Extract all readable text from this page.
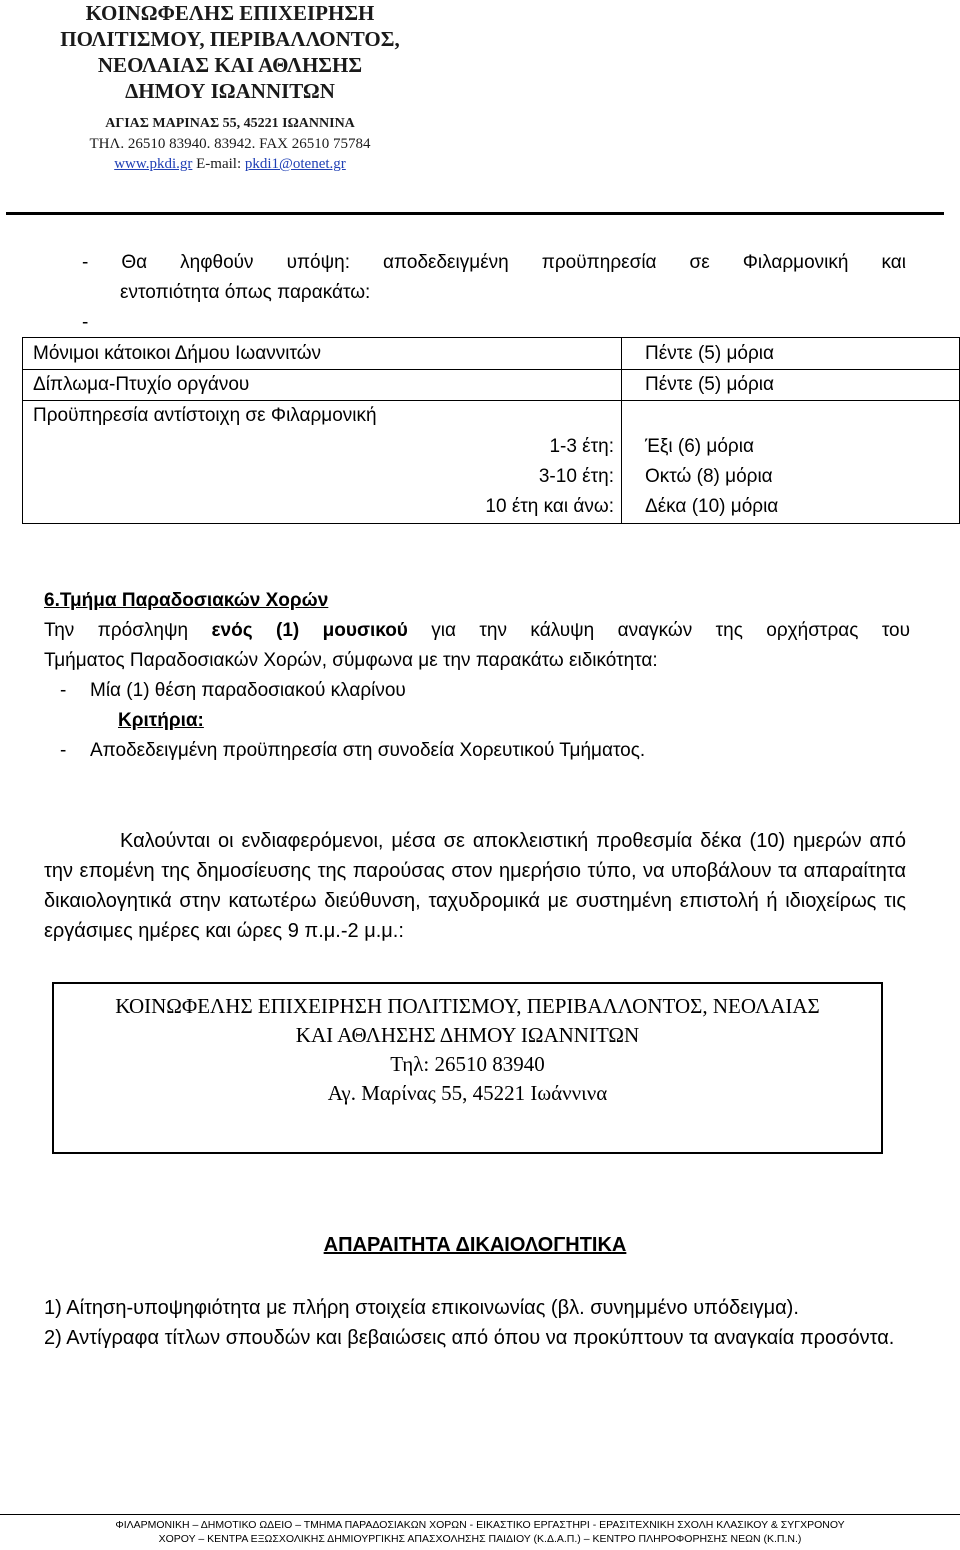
ΚΟΙΝΩΦΕΛΗΣ ΕΠΙΧΕΙΡΗΣΗ
ΠΟΛΙΤΙΣΜΟΥ, ΠΕΡΙΒΑΛΛΟΝΤΟΣ,
ΝΕΟΛΑΙΑΣ ΚΑΙ ΑΘΛΗΣΗΣ
ΔΗΜΟΥ ΙΩΑΝΝΙΤΩΝ
ΑΓΙΑΣ ΜΑΡΙΝΑΣ 55, 45221 ΙΩΑΝΝΙΝΑ
ΤΗΛ. 26510 83940. 83942. FAX 26510 75784
www.pkdi.gr E-mail: pkdi1@otenet.gr
- Θα ληφθούν υπόψη: αποδεδειγμένη προϋπηρεσία σε Φιλαρμονική και
εντοπιότητα όπως παρακάτω:
-
Μόνιμοι κάτοικοι Δήμου Ιωαννιτών	Πέντε (5) μόρια
Δίπλωμα-Πτυχίο οργάνου	Πέντε (5) μόρια
Προϋπηρεσία αντίστοιχη σε Φιλαρμονική
1-3 έτη: Έξι (6) μόρια
3-10 έτη: Οκτώ (8) μόρια
10 έτη και άνω: Δέκα (10) μόρια
6.Τμήμα Παραδοσιακών Χορών
Την πρόσληψη ενός (1) μουσικού για την κάλυψη αναγκών της ορχήστρας του
Τμήματος Παραδοσιακών Χορών, σύμφωνα με την παρακάτω ειδικότητα:
-	Μία (1) θέση παραδοσιακού κλαρίνου
Κριτήρια:
-	Αποδεδειγμένη προϋπηρεσία στη συνοδεία Χορευτικού Τμήματος.
Καλούνται οι ενδιαφερόμενοι, μέσα σε αποκλειστική προθεσμία δέκα (10) ημερών από την επομένη της δημοσίευσης της παρούσας στον ημερήσιο τύπο, να υποβάλουν τα απαραίτητα δικαιολογητικά στην κατωτέρω διεύθυνση, ταχυδρομικά με συστημένη επιστολή ή ιδιοχείρως τις εργάσιμες ημέρες και ώρες 9 π.μ.-2 μ.μ.:
ΚΟΙΝΩΦΕΛΗΣ ΕΠΙΧΕΙΡΗΣΗ ΠΟΛΙΤΙΣΜΟΥ, ΠΕΡΙΒΑΛΛΟΝΤΟΣ, ΝΕΟΛΑΙΑΣ
ΚΑΙ ΑΘΛΗΣΗΣ ΔΗΜΟΥ ΙΩΑΝΝΙΤΩΝ
Τηλ: 26510 83940
Αγ. Μαρίνας 55, 45221 Ιωάννινα
ΑΠΑΡΑΙΤΗΤΑ ΔΙΚΑΙΟΛΟΓΗΤΙΚΑ
1) Αίτηση-υποψηφιότητα με πλήρη στοιχεία επικοινωνίας (βλ. συνημμένο υπόδειγμα).
2) Αντίγραφα τίτλων σπουδών και βεβαιώσεις από όπου να προκύπτουν τα αναγκαία προσόντα.
ΦΙΛΑΡΜΟΝΙΚΗ – ΔΗΜΟΤΙΚΟ ΩΔΕΙΟ – ΤΜΗΜΑ ΠΑΡΑΔΟΣΙΑΚΩΝ ΧΟΡΩΝ - ΕΙΚΑΣΤΙΚΟ ΕΡΓΑΣΤΗΡΙ - ΕΡΑΣΙΤΕΧΝΙΚΗ ΣΧΟΛΗ ΚΛΑΣΙΚΟΥ & ΣΥΓΧΡΟΝΟΥ
ΧΟΡΟΥ – ΚΕΝΤΡΑ ΕΞΩΣΧΟΛΙΚΗΣ ΔΗΜΙΟΥΡΓΙΚΗΣ ΑΠΑΣΧΟΛΗΣΗΣ ΠΑΙΔΙΟΥ (Κ.Δ.Α.Π.) – ΚΕΝΤΡΟ ΠΛΗΡΟΦΟΡΗΣΗΣ ΝΕΩΝ (Κ.Π.Ν.)
